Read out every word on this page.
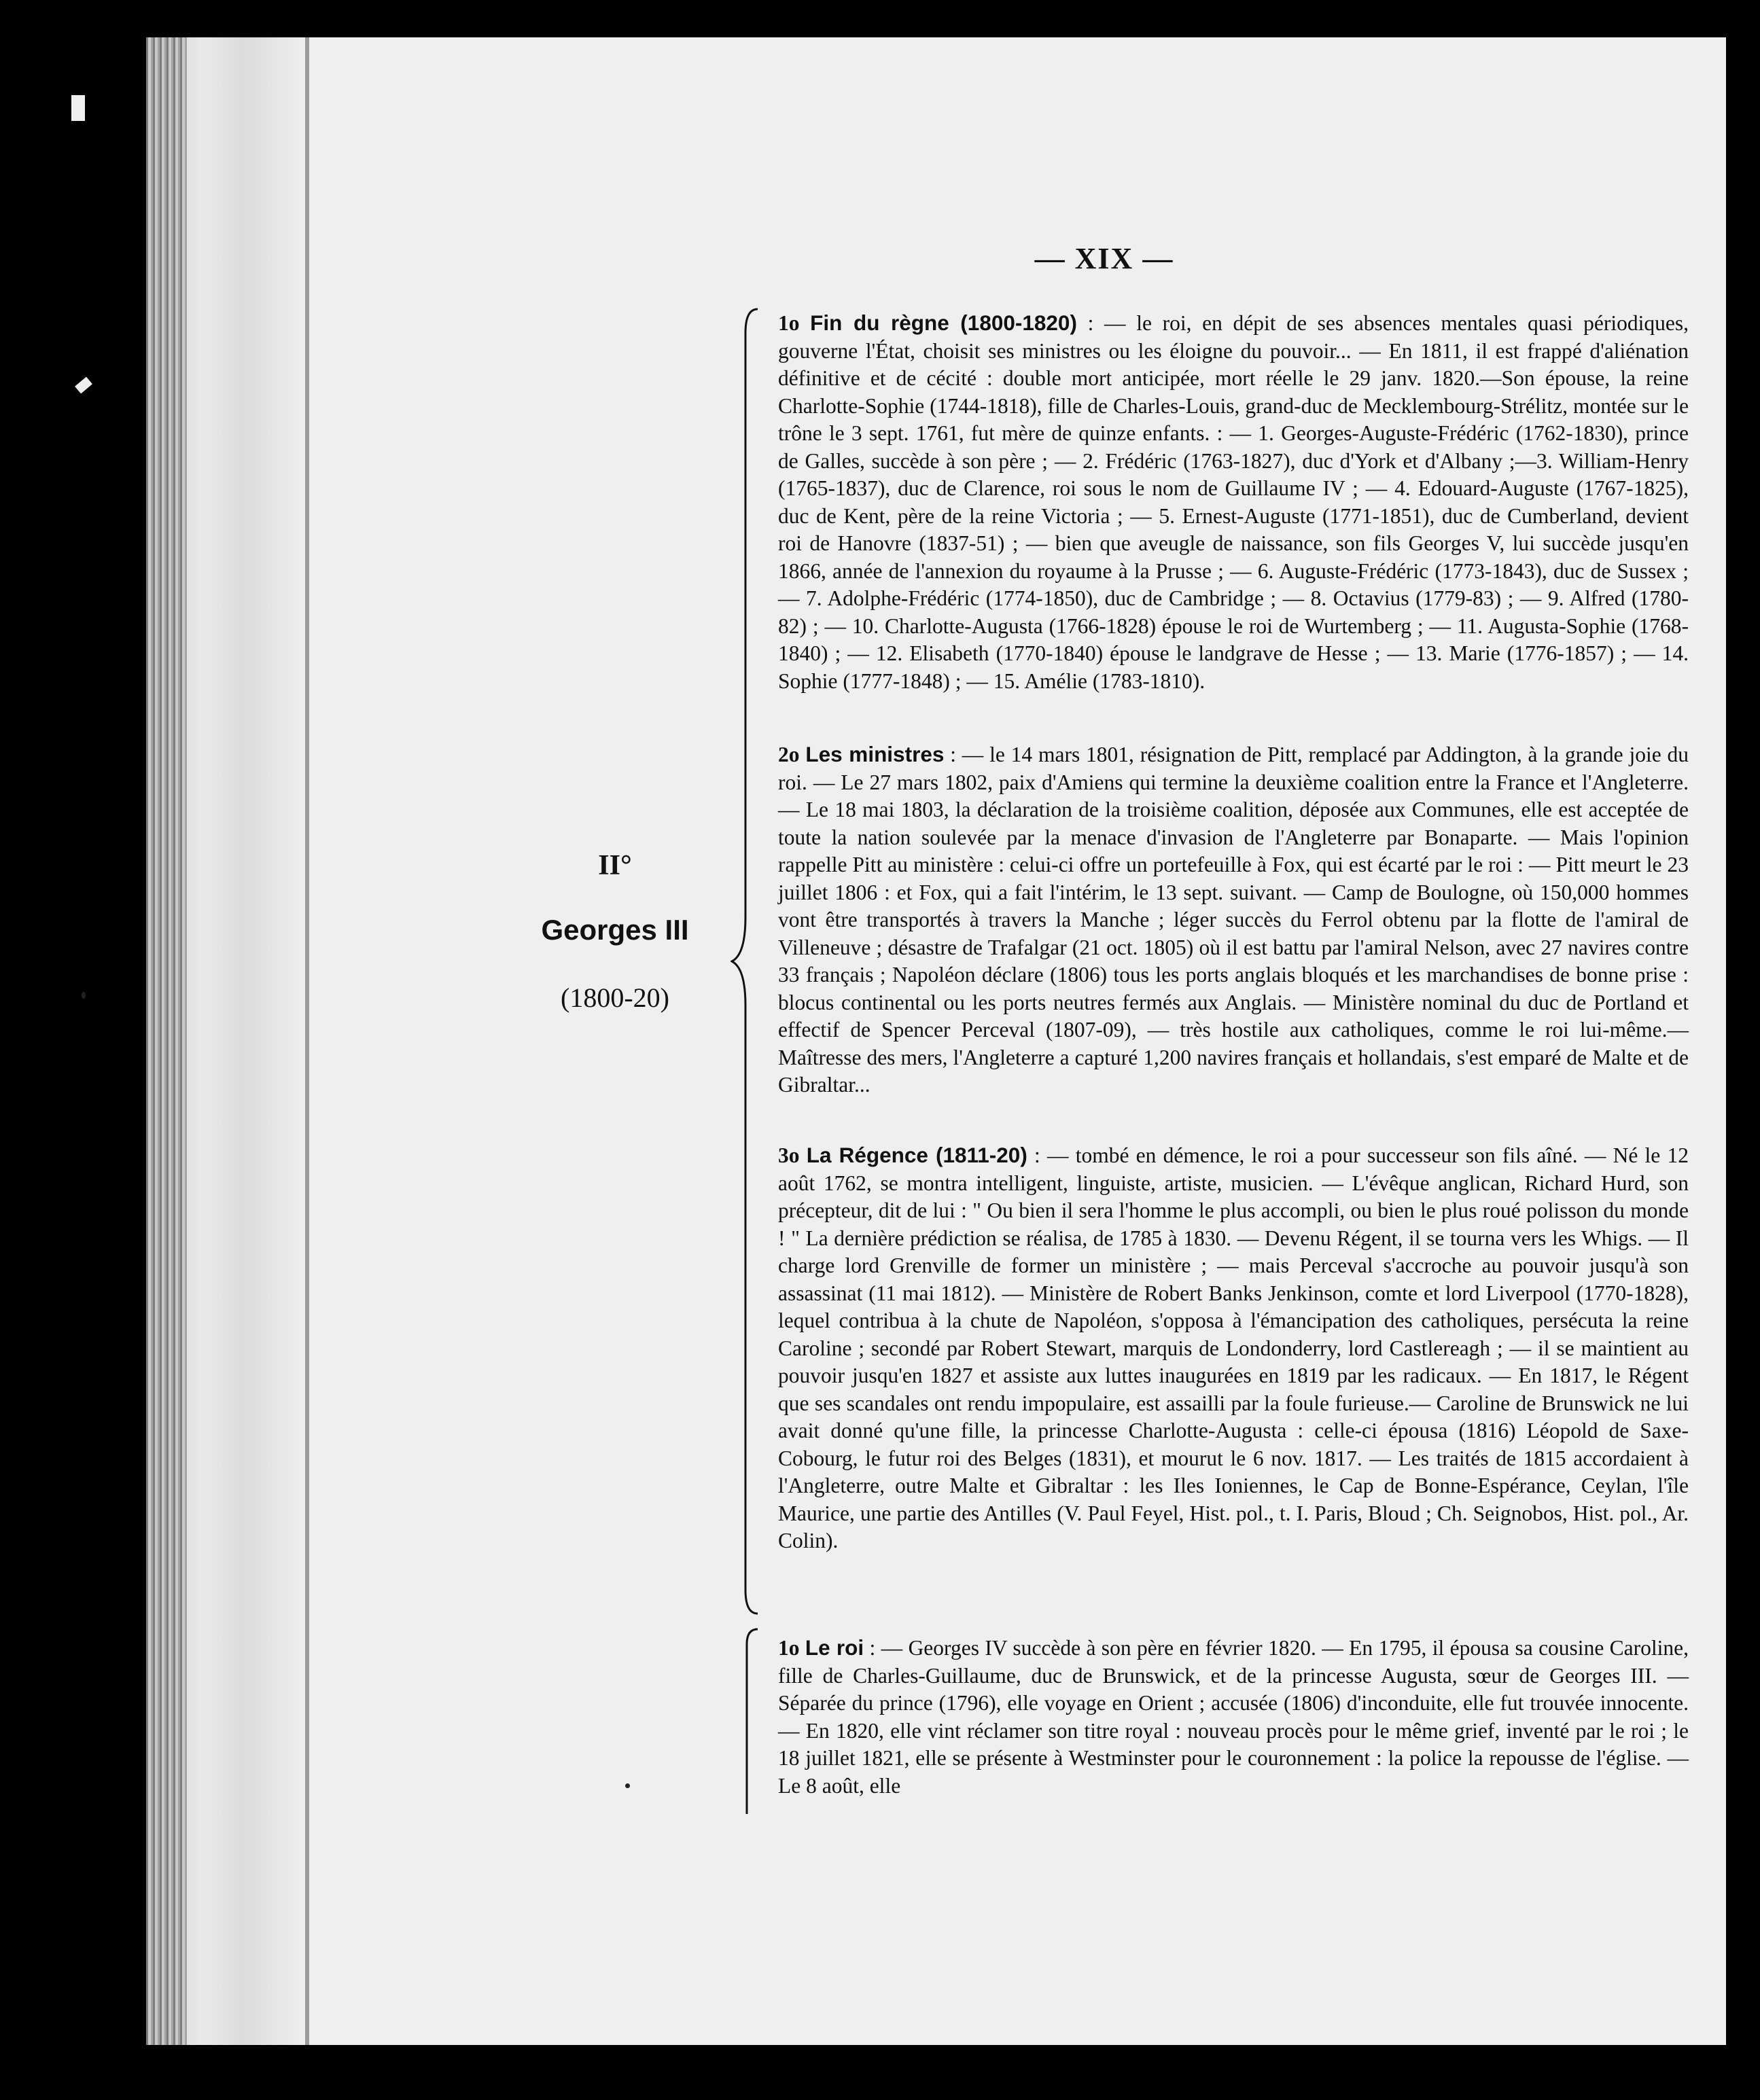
— XIX —
II°
Georges III
(1800-20)

1o Fin du règne (1800-1820) : — le roi, en dépit de ses absences mentales quasi périodiques, gouverne l'État, choisit ses ministres ou les éloigne du pouvoir... — En 1811, il est frappé d'aliénation définitive et de cécité : double mort anticipée, mort réelle le 29 janv. 1820.—Son épouse, la reine Charlotte-Sophie (1744-1818), fille de Charles-Louis, grand-duc de Mecklembourg-Strélitz, montée sur le trône le 3 sept. 1761, fut mère de quinze enfants. : — 1. Georges-Auguste-Frédéric (1762-1830), prince de Galles, succède à son père ; — 2. Frédéric (1763-1827), duc d'York et d'Albany ;—3. William-Henry (1765-1837), duc de Clarence, roi sous le nom de Guillaume IV ; — 4. Edouard-Auguste (1767-1825), duc de Kent, père de la reine Victoria ; — 5. Ernest-Auguste (1771-1851), duc de Cumberland, devient roi de Hanovre (1837-51) ; — bien que aveugle de naissance, son fils Georges V, lui succède jusqu'en 1866, année de l'annexion du royaume à la Prusse ; — 6. Auguste-Frédéric (1773-1843), duc de Sussex ; — 7. Adolphe-Frédéric (1774-1850), duc de Cambridge ; — 8. Octavius (1779-83) ; — 9. Alfred (1780-82) ; — 10. Charlotte-Augusta (1766-1828) épouse le roi de Wurtemberg ; — 11. Augusta-Sophie (1768-1840) ; — 12. Elisabeth (1770-1840) épouse le landgrave de Hesse ; — 13. Marie (1776-1857) ; — 14. Sophie (1777-1848) ; — 15. Amélie (1783-1810).

2o Les ministres : — le 14 mars 1801, résignation de Pitt, remplacé par Addington, à la grande joie du roi. — Le 27 mars 1802, paix d'Amiens qui termine la deuxième coalition entre la France et l'Angleterre. — Le 18 mai 1803, la déclaration de la troisième coalition, déposée aux Communes, elle est acceptée de toute la nation soulevée par la menace d'invasion de l'Angleterre par Bonaparte. — Mais l'opinion rappelle Pitt au ministère : celui-ci offre un portefeuille à Fox, qui est écarté par le roi : — Pitt meurt le 23 juillet 1806 : et Fox, qui a fait l'intérim, le 13 sept. suivant. — Camp de Boulogne, où 150,000 hommes vont être transportés à travers la Manche ; léger succès du Ferrol obtenu par la flotte de l'amiral de Villeneuve ; désastre de Trafalgar (21 oct. 1805) où il est battu par l'amiral Nelson, avec 27 navires contre 33 français ; Napoléon déclare (1806) tous les ports anglais bloqués et les marchandises de bonne prise : blocus continental ou les ports neutres fermés aux Anglais. — Ministère nominal du duc de Portland et effectif de Spencer Perceval (1807-09), — très hostile aux catholiques, comme le roi lui-même.— Maîtresse des mers, l'Angleterre a capturé 1,200 navires français et hollandais, s'est emparé de Malte et de Gibraltar...

3o La Régence (1811-20) : — tombé en démence, le roi a pour successeur son fils aîné. — Né le 12 août 1762, se montra intelligent, linguiste, artiste, musicien. — L'évêque anglican, Richard Hurd, son précepteur, dit de lui : " Ou bien il sera l'homme le plus accompli, ou bien le plus roué polisson du monde ! " La dernière prédiction se réalisa, de 1785 à 1830. — Devenu Régent, il se tourna vers les Whigs. — Il charge lord Grenville de former un ministère ; — mais Perceval s'accroche au pouvoir jusqu'à son assassinat (11 mai 1812). — Ministère de Robert Banks Jenkinson, comte et lord Liverpool (1770-1828), lequel contribua à la chute de Napoléon, s'opposa à l'émancipation des catholiques, persécuta la reine Caroline ; secondé par Robert Stewart, marquis de Londonderry, lord Castlereagh ; — il se maintient au pouvoir jusqu'en 1827 et assiste aux luttes inaugurées en 1819 par les radicaux. — En 1817, le Régent que ses scandales ont rendu impopulaire, est assailli par la foule furieuse.— Caroline de Brunswick ne lui avait donné qu'une fille, la princesse Charlotte-Augusta : celle-ci épousa (1816) Léopold de Saxe-Cobourg, le futur roi des Belges (1831), et mourut le 6 nov. 1817. — Les traités de 1815 accordaient à l'Angleterre, outre Malte et Gibraltar : les Iles Ioniennes, le Cap de Bonne-Espérance, Ceylan, l'île Maurice, une partie des Antilles (V. Paul Feyel, Hist. pol., t. I. Paris, Bloud ; Ch. Seignobos, Hist. pol., Ar. Colin).

1o Le roi : — Georges IV succède à son père en février 1820. — En 1795, il épousa sa cousine Caroline, fille de Charles-Guillaume, duc de Brunswick, et de la princesse Augusta, sœur de Georges III. — Séparée du prince (1796), elle voyage en Orient ; accusée (1806) d'inconduite, elle fut trouvée innocente. — En 1820, elle vint réclamer son titre royal : nouveau procès pour le même grief, inventé par le roi ; le 18 juillet 1821, elle se présente à Westminster pour le couronnement : la police la repousse de l'église. — Le 8 août, elle
